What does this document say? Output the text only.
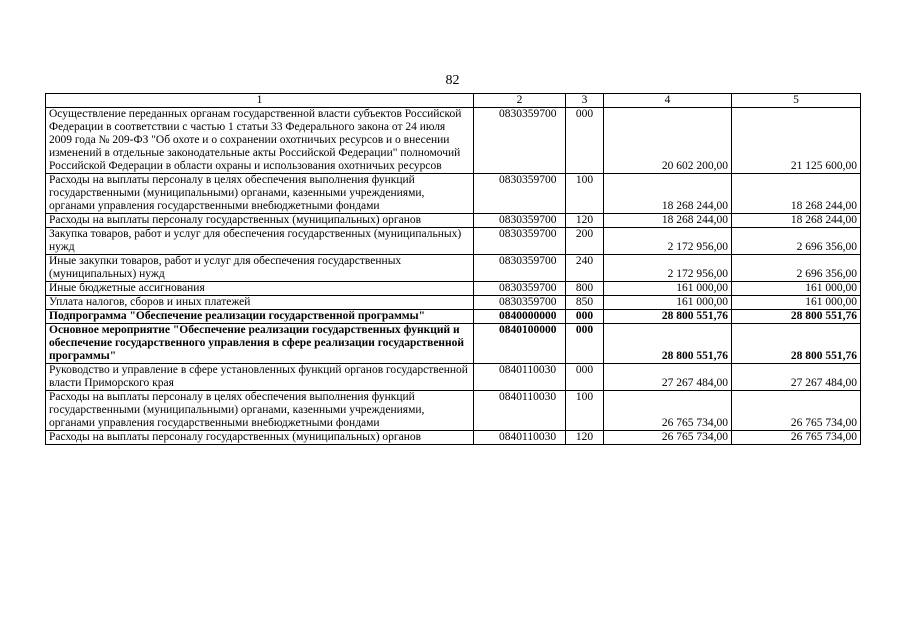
82
1	2	3	4	5
Осуществление переданных органам государственной власти субъектов Российской Федерации в соответствии с частью 1 статьи 33 Федерального закона от 24 июля 2009 года № 209-ФЗ "Об охоте и о сохранении охотничьих ресурсов и о внесении изменений в отдельные законодательные акты Российской Федерации" полномочий Российской Федерации в области охраны и использования охотничьих ресурсов	0830359700	000	20 602 200,00	21 125 600,00
Расходы на выплаты персоналу в целях обеспечения выполнения функций государственными (муниципальными) органами, казенными учреждениями, органами управления государственными внебюджетными фондами	0830359700	100	18 268 244,00	18 268 244,00
Расходы на выплаты персоналу государственных (муниципальных) органов	0830359700	120	18 268 244,00	18 268 244,00
Закупка товаров, работ и услуг для обеспечения государственных (муниципальных) нужд	0830359700	200	2 172 956,00	2 696 356,00
Иные закупки товаров, работ и услуг для обеспечения государственных (муниципальных) нужд	0830359700	240	2 172 956,00	2 696 356,00
Иные бюджетные ассигнования	0830359700	800	161 000,00	161 000,00
Уплата налогов, сборов и иных платежей	0830359700	850	161 000,00	161 000,00
Подпрограмма "Обеспечение реализации государственной программы"	0840000000	000	28 800 551,76	28 800 551,76
Основное мероприятие "Обеспечение реализации государственных функций и обеспечение государственного управления в сфере реализации государственной программы"	0840100000	000	28 800 551,76	28 800 551,76
Руководство и управление в сфере установленных функций органов государственной власти Приморского края	0840110030	000	27 267 484,00	27 267 484,00
Расходы на выплаты персоналу в целях обеспечения выполнения функций государственными (муниципальными) органами, казенными учреждениями, органами управления государственными внебюджетными фондами	0840110030	100	26 765 734,00	26 765 734,00
Расходы на выплаты персоналу государственных (муниципальных) органов	0840110030	120	26 765 734,00	26 765 734,00
